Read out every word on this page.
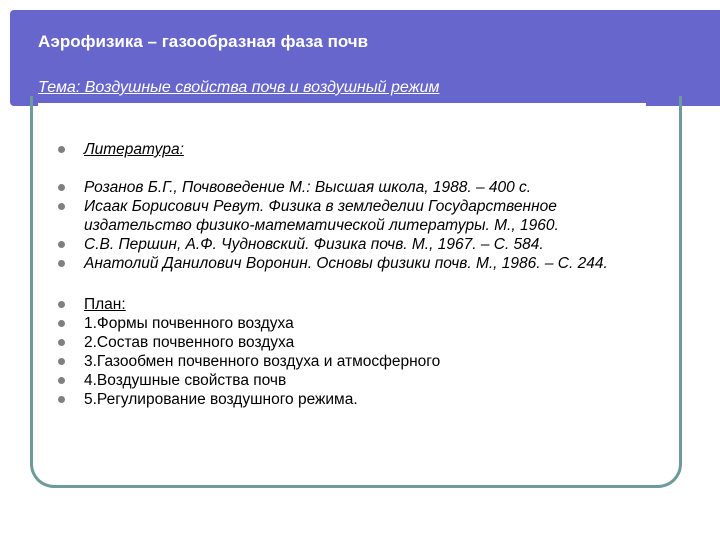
Аэрофизика – газообразная фаза почв
Тема: Воздушные свойства почв и воздушный режим
Литература:
Розанов Б.Г., Почвоведение М.: Высшая школа, 1988. – 400 с.
Исаак Борисович Ревут. Физика в земледелии Государственное издательство физико-математической литературы. М., 1960.
С.В. Першин, А.Ф. Чудновский. Физика почв. М., 1967. – С. 584.
Анатолий Данилович Воронин. Основы физики почв. М., 1986. – С. 244.
План:
1.Формы почвенного воздуха
2.Состав почвенного воздуха
3.Газообмен почвенного воздуха и атмосферного
4.Воздушные свойства почв
5.Регулирование воздушного режима.
